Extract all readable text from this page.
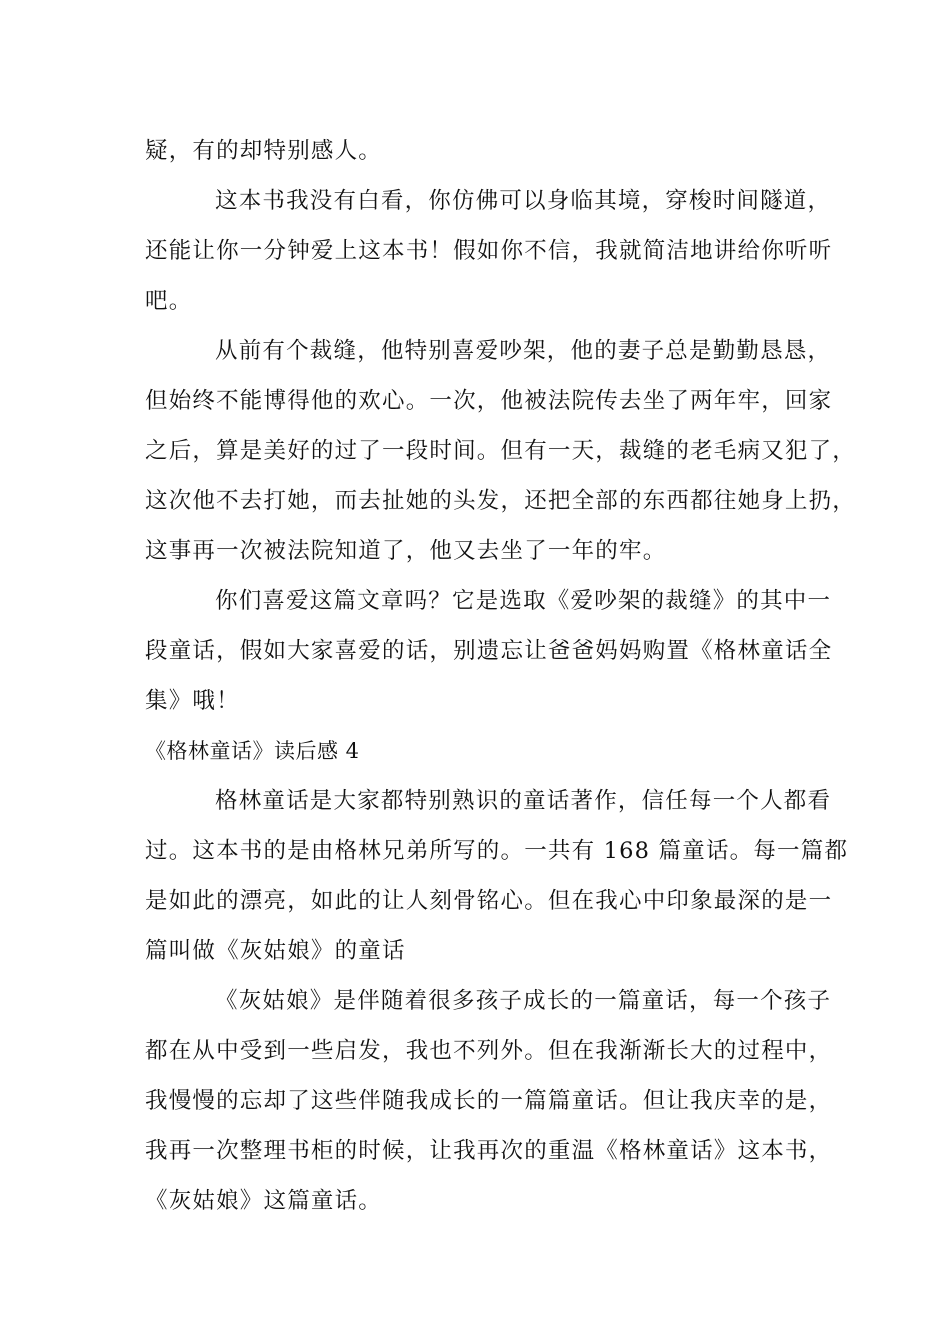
疑，有的却特别感人。
这本书我没有白看，你仿佛可以身临其境，穿梭时间隧道，
还能让你一分钟爱上这本书！假如你不信，我就简洁地讲给你听听
吧。
从前有个裁缝，他特别喜爱吵架，他的妻子总是勤勤恳恳，
但始终不能博得他的欢心。一次，他被法院传去坐了两年牢，回家
之后，算是美好的过了一段时间。但有一天，裁缝的老毛病又犯了，
这次他不去打她，而去扯她的头发，还把全部的东西都往她身上扔，
这事再一次被法院知道了，他又去坐了一年的牢。
你们喜爱这篇文章吗？它是选取《爱吵架的裁缝》的其中一
段童话，假如大家喜爱的话，别遗忘让爸爸妈妈购置《格林童话全
集》哦！
《格林童话》读后感 4
格林童话是大家都特别熟识的童话著作，信任每一个人都看
过。这本书的是由格林兄弟所写的。一共有 168 篇童话。每一篇都
是如此的漂亮，如此的让人刻骨铭心。但在我心中印象最深的是一
篇叫做《灰姑娘》的童话
《灰姑娘》是伴随着很多孩子成长的一篇童话，每一个孩子
都在从中受到一些启发，我也不列外。但在我渐渐长大的过程中，
我慢慢的忘却了这些伴随我成长的一篇篇童话。但让我庆幸的是，
我再一次整理书柜的时候，让我再次的重温《格林童话》这本书，
《灰姑娘》这篇童话。
